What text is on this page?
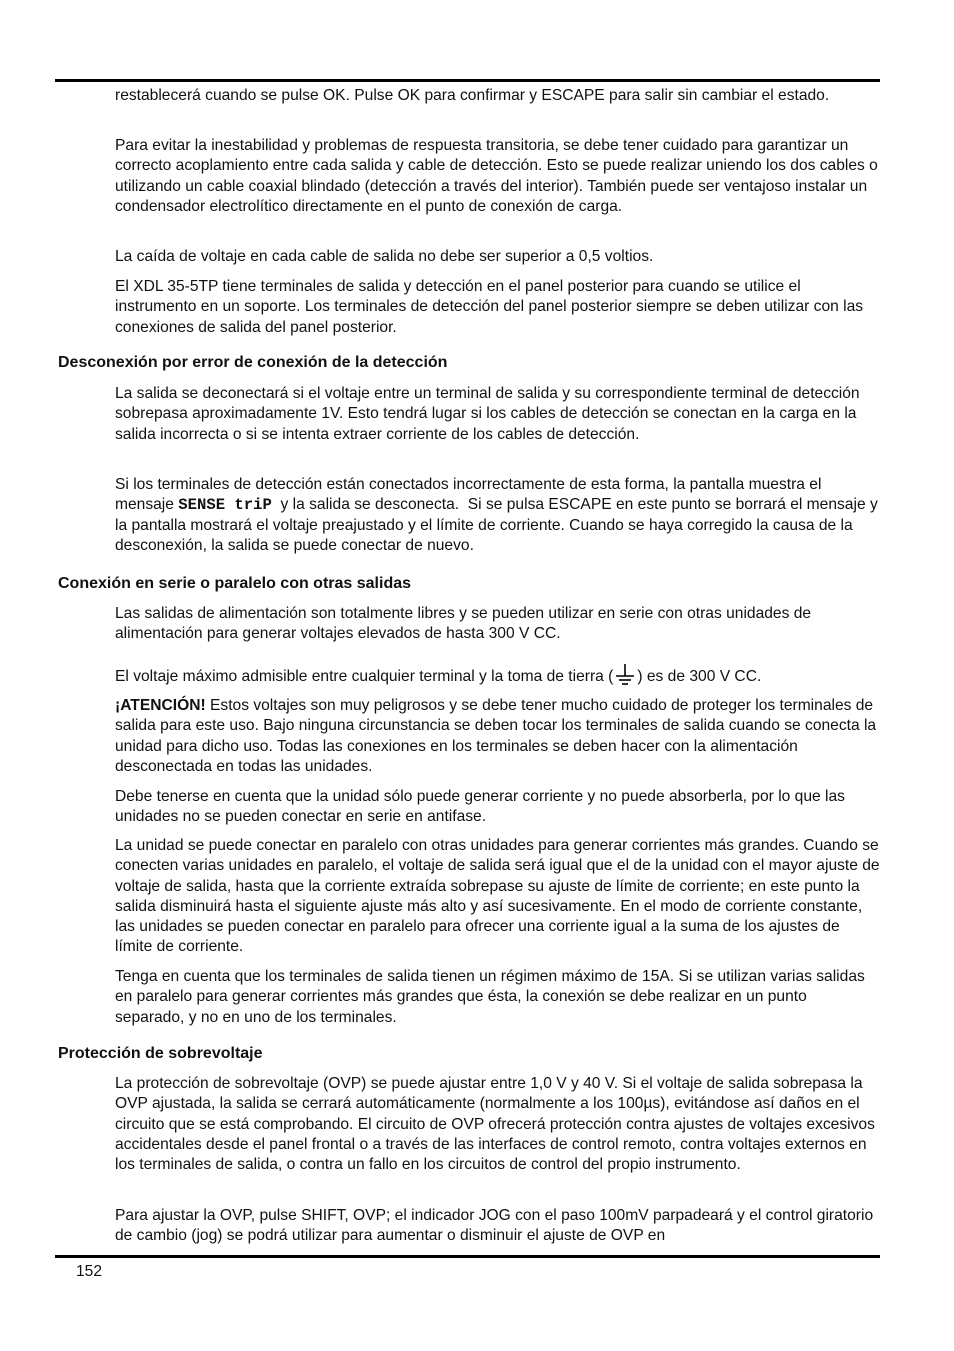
restablecerá cuando se pulse OK. Pulse OK para confirmar y ESCAPE para salir sin cambiar el estado.

Para evitar la inestabilidad y problemas de respuesta transitoria, se debe tener cuidado para garantizar un correcto acoplamiento entre cada salida y cable de detección. Esto se puede realizar uniendo los dos cables o utilizando un cable coaxial blindado (detección a través del interior). También puede ser ventajoso instalar un condensador electrolítico directamente en el punto de conexión de carga.

La caída de voltaje en cada cable de salida no debe ser superior a 0,5 voltios.

El XDL 35-5TP tiene terminales de salida y detección en el panel posterior para cuando se utilice el instrumento en un soporte. Los terminales de detección del panel posterior siempre se deben utilizar con las conexiones de salida del panel posterior.

Desconexión por error de conexión de la detección

La salida se deconectará si el voltaje entre un terminal de salida y su correspondiente terminal de detección sobrepasa aproximadamente 1V. Esto tendrá lugar si los cables de detección se conectan en la carga en la salida incorrecta o si se intenta extraer corriente de los cables de detección.

Si los terminales de detección están conectados incorrectamente de esta forma, la pantalla muestra el mensaje SENSE triP  y la salida se desconecta.  Si se pulsa ESCAPE en este punto se borrará el mensaje y la pantalla mostrará el voltaje preajustado y el límite de corriente. Cuando se haya corregido la causa de la desconexión, la salida se puede conectar de nuevo.

Conexión en serie o paralelo con otras salidas

Las salidas de alimentación son totalmente libres y se pueden utilizar en serie con otras unidades de alimentación para generar voltajes elevados de hasta 300 V CC.

El voltaje máximo admisible entre cualquier terminal y la toma de tierra ( ) es de 300 V CC.

¡ATENCIÓN! Estos voltajes son muy peligrosos y se debe tener mucho cuidado de proteger los terminales de salida para este uso. Bajo ninguna circunstancia se deben tocar los terminales de salida cuando se conecta la unidad para dicho uso. Todas las conexiones en los terminales se deben hacer con la alimentación desconectada en todas las unidades.

Debe tenerse en cuenta que la unidad sólo puede generar corriente y no puede absorberla, por lo que las unidades no se pueden conectar en serie en antifase.

La unidad se puede conectar en paralelo con otras unidades para generar corrientes más grandes. Cuando se conecten varias unidades en paralelo, el voltaje de salida será igual que el de la unidad con el mayor ajuste de voltaje de salida, hasta que la corriente extraída sobrepase su ajuste de límite de corriente; en este punto la salida disminuirá hasta el siguiente ajuste más alto y así sucesivamente. En el modo de corriente constante, las unidades se pueden conectar en paralelo para ofrecer una corriente igual a la suma de los ajustes de límite de corriente.

Tenga en cuenta que los terminales de salida tienen un régimen máximo de 15A. Si se utilizan varias salidas en paralelo para generar corrientes más grandes que ésta, la conexión se debe realizar en un punto separado, y no en uno de los terminales.

Protección de sobrevoltaje

La protección de sobrevoltaje (OVP) se puede ajustar entre 1,0 V y 40 V. Si el voltaje de salida sobrepasa la OVP ajustada, la salida se cerrará automáticamente (normalmente a los 100µs), evitándose así daños en el circuito que se está comprobando. El circuito de OVP ofrecerá protección contra ajustes de voltajes excesivos accidentales desde el panel frontal o a través de las interfaces de control remoto, contra voltajes externos en los terminales de salida, o contra un fallo en los circuitos de control del propio instrumento.

Para ajustar la OVP, pulse SHIFT, OVP; el indicador JOG con el paso 100mV parpadeará y el control giratorio de cambio (jog) se podrá utilizar para aumentar o disminuir el ajuste de OVP en

152
